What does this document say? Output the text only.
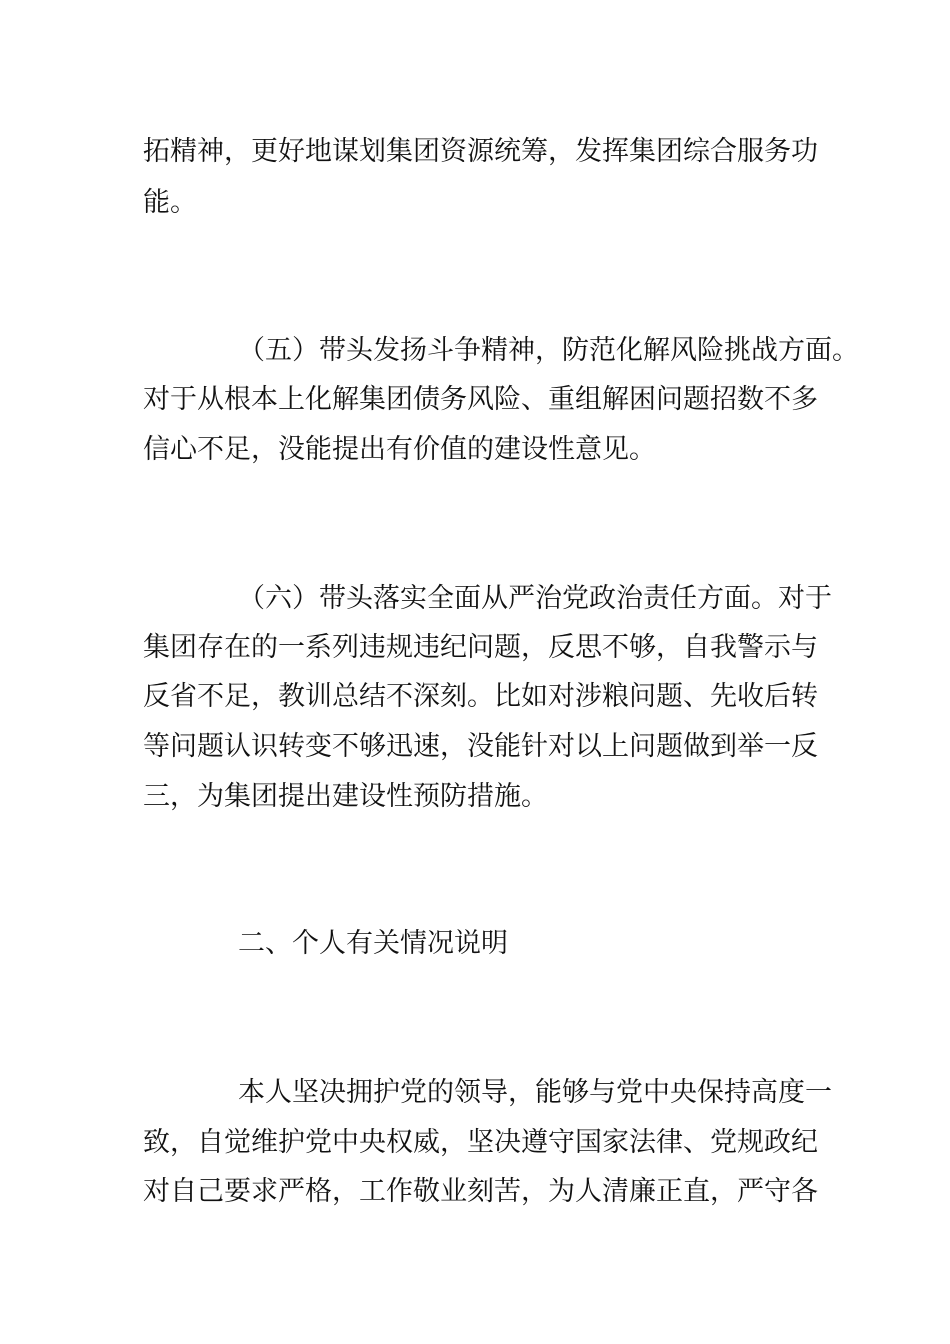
拓精神，更好地谋划集团资源统筹，发挥集团综合服务功
能。
（五）带头发扬斗争精神，防范化解风险挑战方面。
对于从根本上化解集团债务风险、重组解困问题招数不多
信心不足，没能提出有价值的建设性意见。
（六）带头落实全面从严治党政治责任方面。对于
集团存在的一系列违规违纪问题，反思不够，自我警示与
反省不足，教训总结不深刻。比如对涉粮问题、先收后转
等问题认识转变不够迅速，没能针对以上问题做到举一反
三，为集团提出建设性预防措施。
二、个人有关情况说明
本人坚决拥护党的领导，能够与党中央保持高度一
致，自觉维护党中央权威，坚决遵守国家法律、党规政纪
对自己要求严格，工作敬业刻苦，为人清廉正直，严守各
